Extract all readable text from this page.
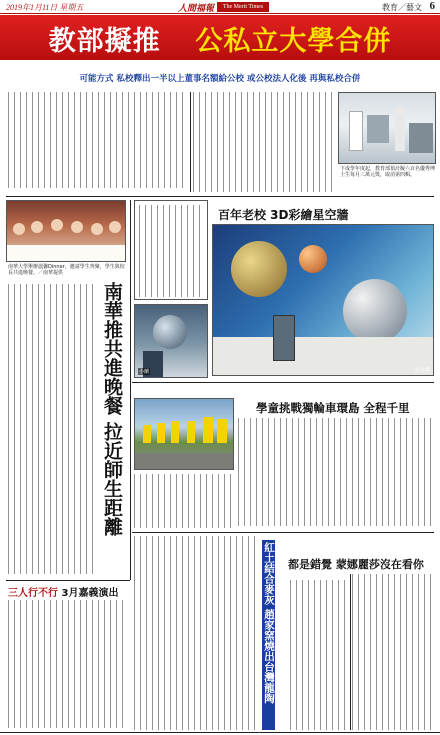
2019年1月11日 星期五	人間福報	The Merit Times	教育／藝文 6
教部擬推 公私立大學合併
可能方式 私校釋出一半以上董事名額給公校 或公校法人化後 再與私校合併
下成學年度起，教育部預計擬六百名優秀博士生每月三萬元獎，取消第四輯。
南華大學舉辦溫馨Dinner，邀請學生齊聚，學生與校長共進晚餐。／南華提供
南華推共進晚餐 拉近師生距離
三人行不行 3月嘉義演出
百年老校 3D彩繪星空牆
記者攝
小蘭
學童挑戰獨輪車環島 全程千里
紅土結合麥灰 趙家窯燒出台灣龍陶 都是錯覺 蒙娜麗莎沒在看你
